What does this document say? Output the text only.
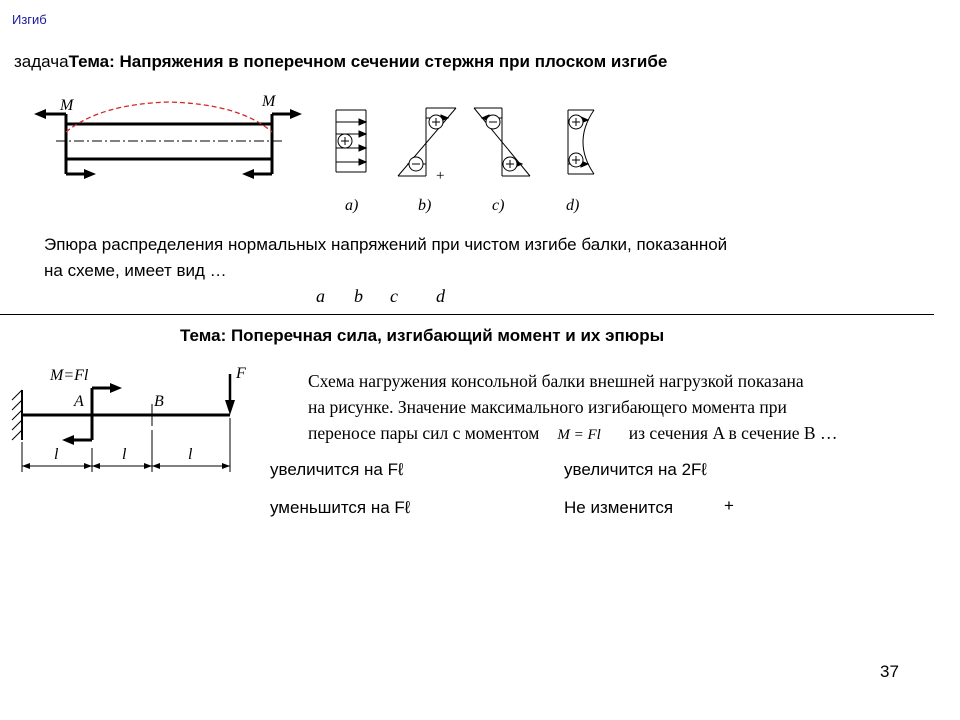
Изгиб
задачаТема: Напряжения в поперечном сечении стержня при плоском изгибе
M	M
+
a)	b)	c)	d)
Эпюра распределения нормальных напряжений при чистом изгибе балки, показанной
на схеме, имеет вид …
a b c d
Тема: Поперечная сила, изгибающий момент и их эпюры
M=Fl	F
A	B
l	l	l
Схема нагружения консольной балки внешней нагрузкой показана
на рисунке. Значение максимального изгибающего момента при
переносе пары сил с моментом M = Fl из сечения A в сечение B …
увеличится на Fℓ	увеличится на 2Fℓ
уменьшится на Fℓ	Не изменится	+
37
